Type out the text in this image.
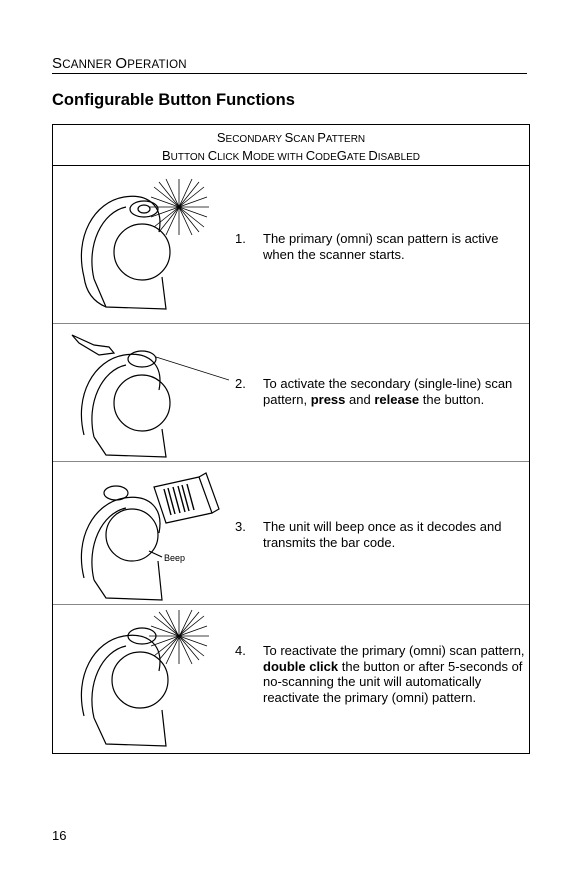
SCANNER OPERATION
Configurable Button Functions
SECONDARY SCAN PATTERN
BUTTON CLICK MODE WITH CODEGATE DISABLED
1. The primary (omni) scan pattern is active when the scanner starts.
2. To activate the secondary (single-line) scan pattern, press and release the button.
Beep
3. The unit will beep once as it decodes and transmits the bar code.
4. To reactivate the primary (omni) scan pattern, double click the button or after 5-seconds of no-scanning the unit will automatically reactivate the primary (omni) pattern.
16
